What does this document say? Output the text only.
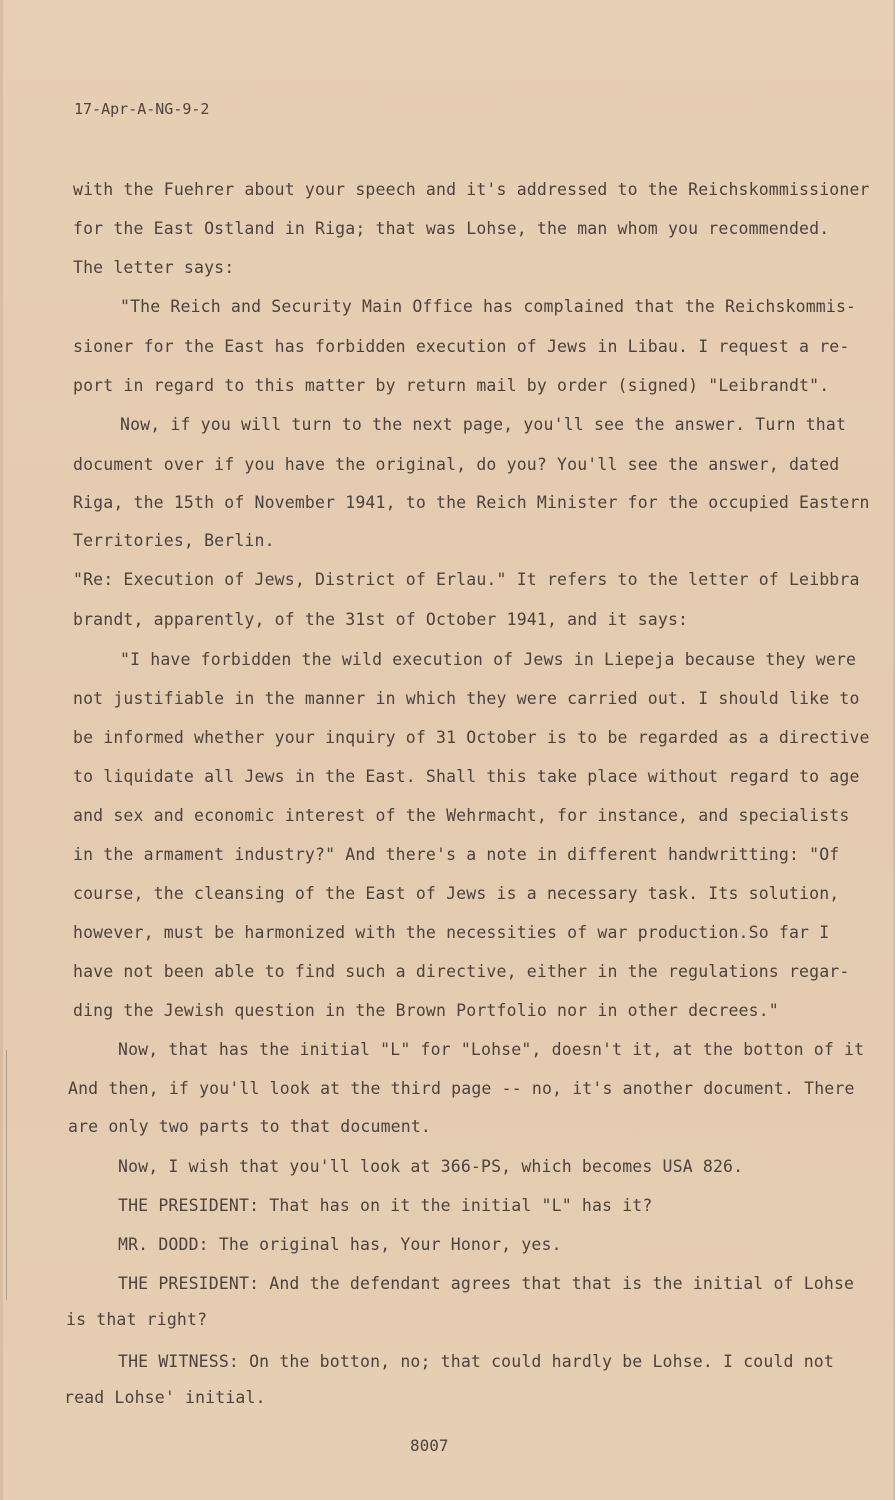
17-Apr-A-NG-9-2
with the Fuehrer about your speech and it's addressed to the Reichskommissioner
for the East Ostland in Riga; that was Lohse, the man whom you recommended.
The letter says:
"The Reich and Security Main Office has complained that the Reichskommis-
sioner for the East has forbidden execution of Jews in Libau. I request a re-
port in regard to this matter by return mail by order (signed) "Leibrandt".
Now, if you will turn to the next page, you'll see the answer. Turn that
document over if you have the original, do you? You'll see the answer, dated
Riga, the 15th of November 1941, to the Reich Minister for the occupied Eastern
Territories, Berlin.
"Re: Execution of Jews, District of Erlau." It refers to the letter of Leibbra
brandt, apparently, of the 31st of October 1941, and it says:
"I have forbidden the wild execution of Jews in Liepeja because they were
not justifiable in the manner in which they were carried out. I should like to
be informed whether your inquiry of 31 October is to be regarded as a directive
to liquidate all Jews in the East. Shall this take place without regard to age
and sex and economic interest of the Wehrmacht, for instance, and specialists
in the armament industry?" And there's a note in different handwritting: "Of
course, the cleansing of the East of Jews is a necessary task. Its solution,
however, must be harmonized with the necessities of war production.So far I
have not been able to find such a directive, either in the regulations regar-
ding the Jewish question in the Brown Portfolio nor in other decrees."
Now, that has the initial "L" for "Lohse", doesn't it, at the botton of it
And then, if you'll look at the third page -- no, it's another document. There
are only two parts to that document.
Now, I wish that you'll look at 366-PS, which becomes USA 826.
THE PRESIDENT: That has on it the initial "L" has it?
MR. DODD: The original has, Your Honor, yes.
THE PRESIDENT: And the defendant agrees that that is the initial of Lohse
is that right?
THE WITNESS: On the botton, no; that could hardly be Lohse. I could not
read Lohse' initial.
8007
